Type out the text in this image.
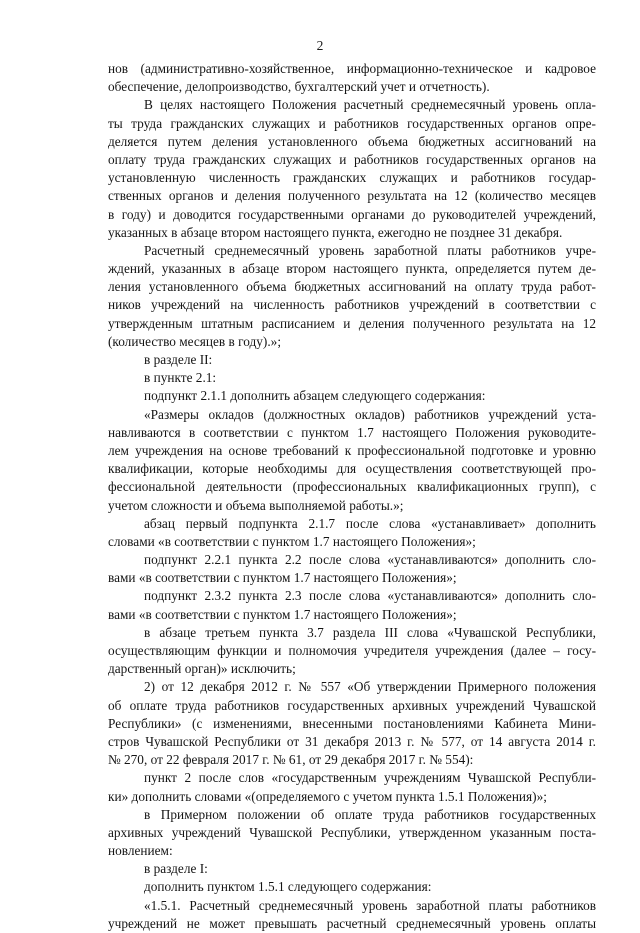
2
нов (административно-хозяйственное, информационно-техническое и кадровое
обеспечение, делопроизводство, бухгалтерский учет и отчетность).
В целях настоящего Положения расчетный среднемесячный уровень опла-
ты труда гражданских служащих и работников государственных органов опре-
деляется путем деления установленного объема бюджетных ассигнований на
оплату труда гражданских служащих и работников государственных органов на
установленную численность гражданских служащих и работников государ-
ственных органов и деления полученного результата на 12 (количество месяцев
в году) и доводится государственными органами до руководителей учреждений,
указанных в абзаце втором настоящего пункта, ежегодно не позднее 31 декабря.
Расчетный среднемесячный уровень заработной платы работников учре-
ждений, указанных в абзаце втором настоящего пункта, определяется путем де-
ления установленного объема бюджетных ассигнований на оплату труда работ-
ников учреждений на численность работников учреждений в соответствии с
утвержденным штатным расписанием и деления полученного результата на 12
(количество месяцев в году).»;
в разделе II:
в пункте 2.1:
подпункт 2.1.1 дополнить абзацем следующего содержания:
«Размеры окладов (должностных окладов) работников учреждений уста-
навливаются в соответствии с пунктом 1.7 настоящего Положения руководите-
лем учреждения на основе требований к профессиональной подготовке и уровню
квалификации, которые необходимы для осуществления соответствующей про-
фессиональной деятельности (профессиональных квалификационных групп), с
учетом сложности и объема выполняемой работы.»;
абзац первый подпункта 2.1.7 после слова «устанавливает» дополнить
словами «в соответствии с пунктом 1.7 настоящего Положения»;
подпункт 2.2.1 пункта 2.2 после слова «устанавливаются» дополнить сло-
вами «в соответствии с пунктом 1.7 настоящего Положения»;
подпункт 2.3.2 пункта 2.3 после слова «устанавливаются» дополнить сло-
вами «в соответствии с пунктом 1.7 настоящего Положения»;
в абзаце третьем пункта 3.7 раздела III слова «Чувашской Республики,
осуществляющим функции и полномочия учредителя учреждения (далее – госу-
дарственный орган)» исключить;
2) от 12 декабря 2012 г. № 557 «Об утверждении Примерного положения
об оплате труда работников государственных архивных учреждений Чувашской
Республики» (с изменениями, внесенными постановлениями Кабинета Мини-
стров Чувашской Республики от 31 декабря 2013 г. № 577, от 14 августа 2014 г.
№ 270, от 22 февраля 2017 г. № 61, от 29 декабря 2017 г. № 554):
пункт 2 после слов «государственным учреждениям Чувашской Республи-
ки» дополнить словами «(определяемого с учетом пункта 1.5.1 Положения)»;
в Примерном положении об оплате труда работников государственных
архивных учреждений Чувашской Республики, утвержденном указанным поста-
новлением:
в разделе I:
дополнить пунктом 1.5.1 следующего содержания:
«1.5.1. Расчетный среднемесячный уровень заработной платы работников
учреждений не может превышать расчетный среднемесячный уровень оплаты
